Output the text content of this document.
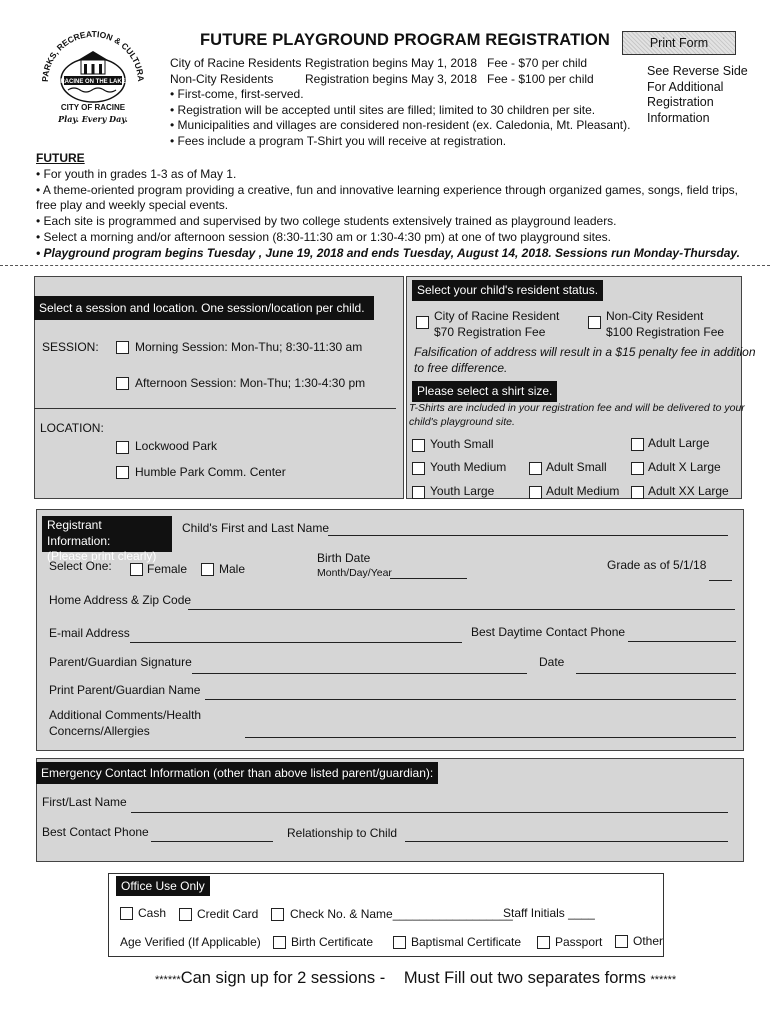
PARKS, RECREATION & CULTURA
RACINE ON THE LAKE
CITY OF RACINE
Play. Every Day.
FUTURE PLAYGROUND PROGRAM REGISTRATION	Print Form
City of Racine Residents Registration begins May 1, 2018 Fee - $70 per child
Non-City Residents	Registration begins May 3, 2018 Fee - $100 per child
• First-come, first-served.
• Registration will be accepted until sites are filled; limited to 30 children per site.
• Municipalities and villages are considered non-resident (ex. Caledonia, Mt. Pleasant).
• Fees include a program T-Shirt you will receive at registration.
See Reverse Side
For Additional
Registration
Information
FUTURE
• For youth in grades 1-3 as of May 1.
• A theme-oriented program providing a creative, fun and innovative learning experience through organized games, songs, field trips,
free play and weekly special events.
• Each site is programmed and supervised by two college students extensively trained as playground leaders.
• Select a morning and/or afternoon session (8:30-11:30 am or 1:30-4:30 pm) at one of two playground sites.
• Playground program begins Tuesday , June 19, 2018 and ends Tuesday, August 14, 2018. Sessions run Monday-Thursday.
Select a session and location. One session/location per child.
SESSION:	Morning Session: Mon-Thu; 8:30-11:30 am
Afternoon Session: Mon-Thu; 1:30-4:30 pm
LOCATION:
Lockwood Park
Humble Park Comm. Center
Select your child's resident status.
City of Racine Resident
$70 Registration Fee
Non-City Resident
$100 Registration Fee
Falsification of address will result in a $15 penalty fee in addition
to free difference.
Please select a shirt size.
T-Shirts are included in your registration fee and will be delivered to your
child's playground site.
Youth Small
Youth Medium
Youth Large
Adult Small
Adult Medium
Adult Large
Adult X Large
Adult XX Large
Registrant Information:
(Please print clearly)
Child's First and Last Name
Select One:	Female	Male
Birth Date
Month/Day/Year
Grade as of 5/1/18
Home Address & Zip Code
E-mail Address	Best Daytime Contact Phone
Parent/Guardian Signature	Date
Print Parent/Guardian Name
Additional Comments/Health
Concerns/Allergies
Emergency Contact Information (other than above listed parent/guardian):
First/Last Name
Best Contact Phone	Relationship to Child
Office Use Only
Cash	Credit Card	Check No. & Name__________________
Staff Initials ____
Age Verified (If Applicable)	Birth Certificate	Baptismal Certificate	Passport	Other
******Can sign up for 2 sessions - Must Fill out two separates forms ******
